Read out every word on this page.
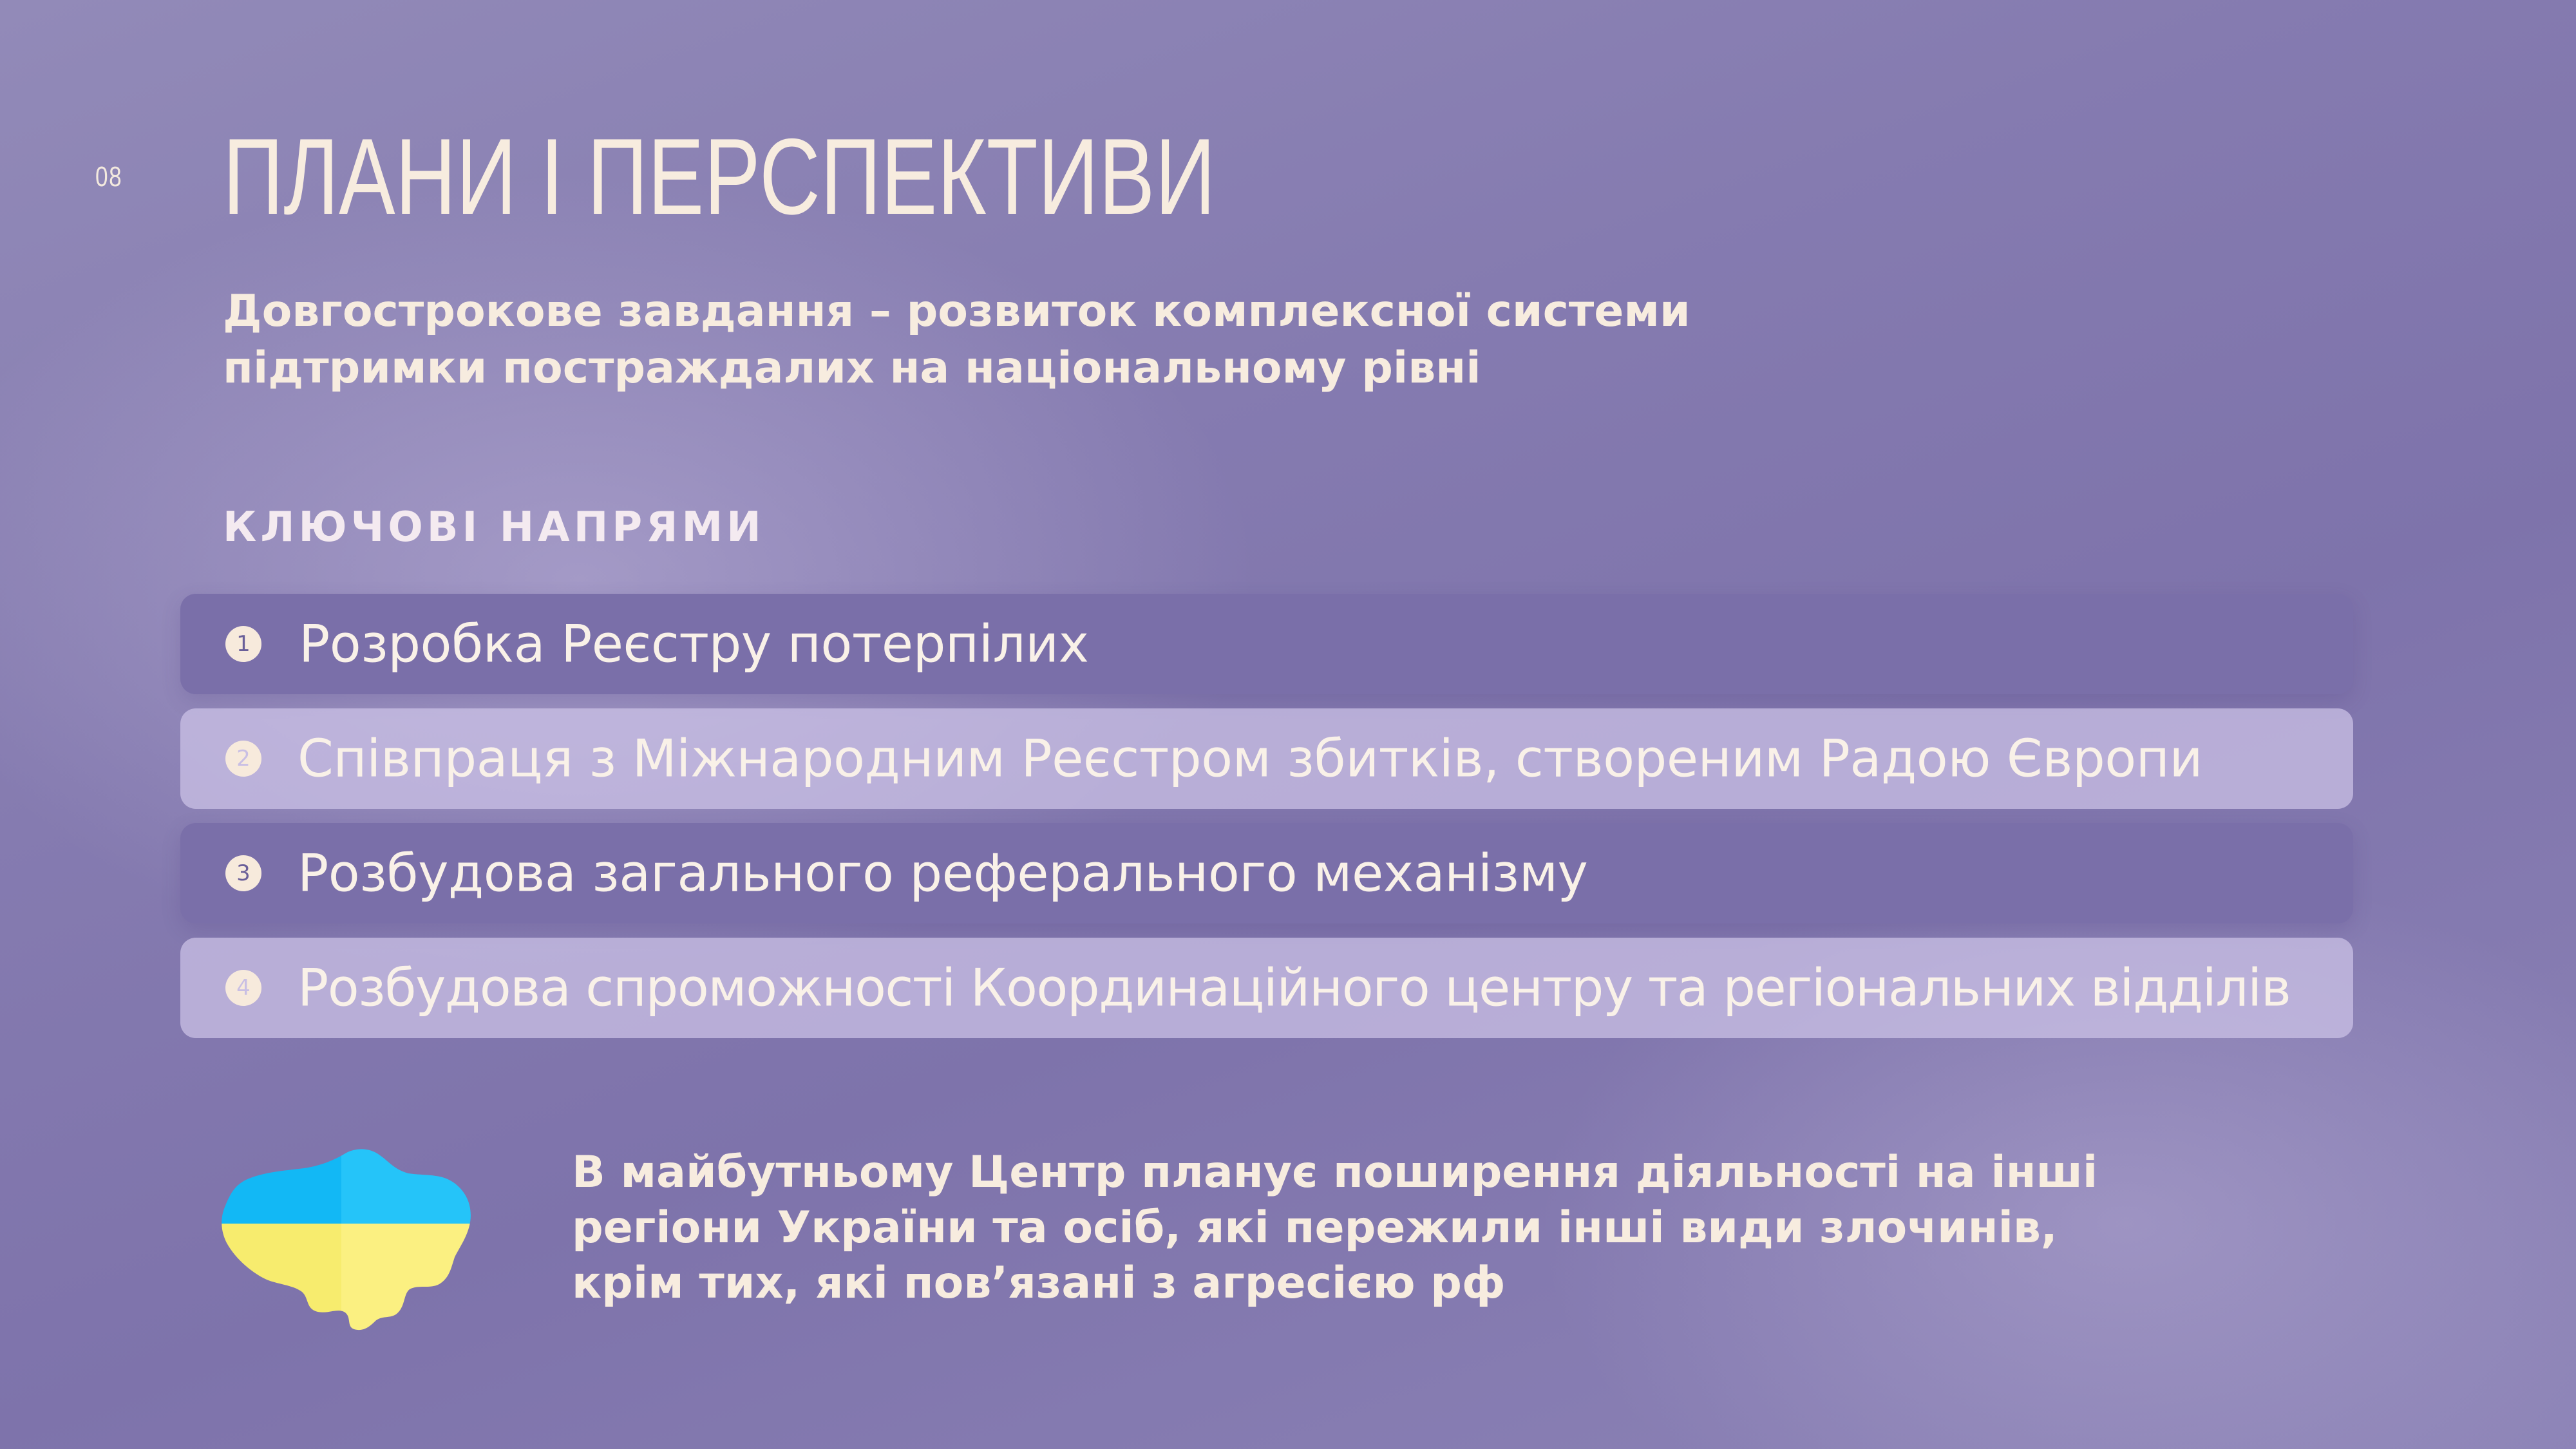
08 ПЛАНИ І ПЕРСПЕКТИВИ
Довгострокове завдання – розвиток комплексної системи
підтримки постраждалих на національному рівні
КЛЮЧОВІ НАПРЯМИ
1 Розробка Реєстру потерпілих
2 Співпраця з Міжнародним Реєстром збитків, створеним Радою Європи
3 Розбудова загального реферального механізму
4 Розбудова спроможності Координаційного центру та регіональних відділів
В майбутньому Центр планує поширення діяльності на інші
регіони України та осіб, які пережили інші види злочинів,
крім тих, які пов’язані з агресією рф
